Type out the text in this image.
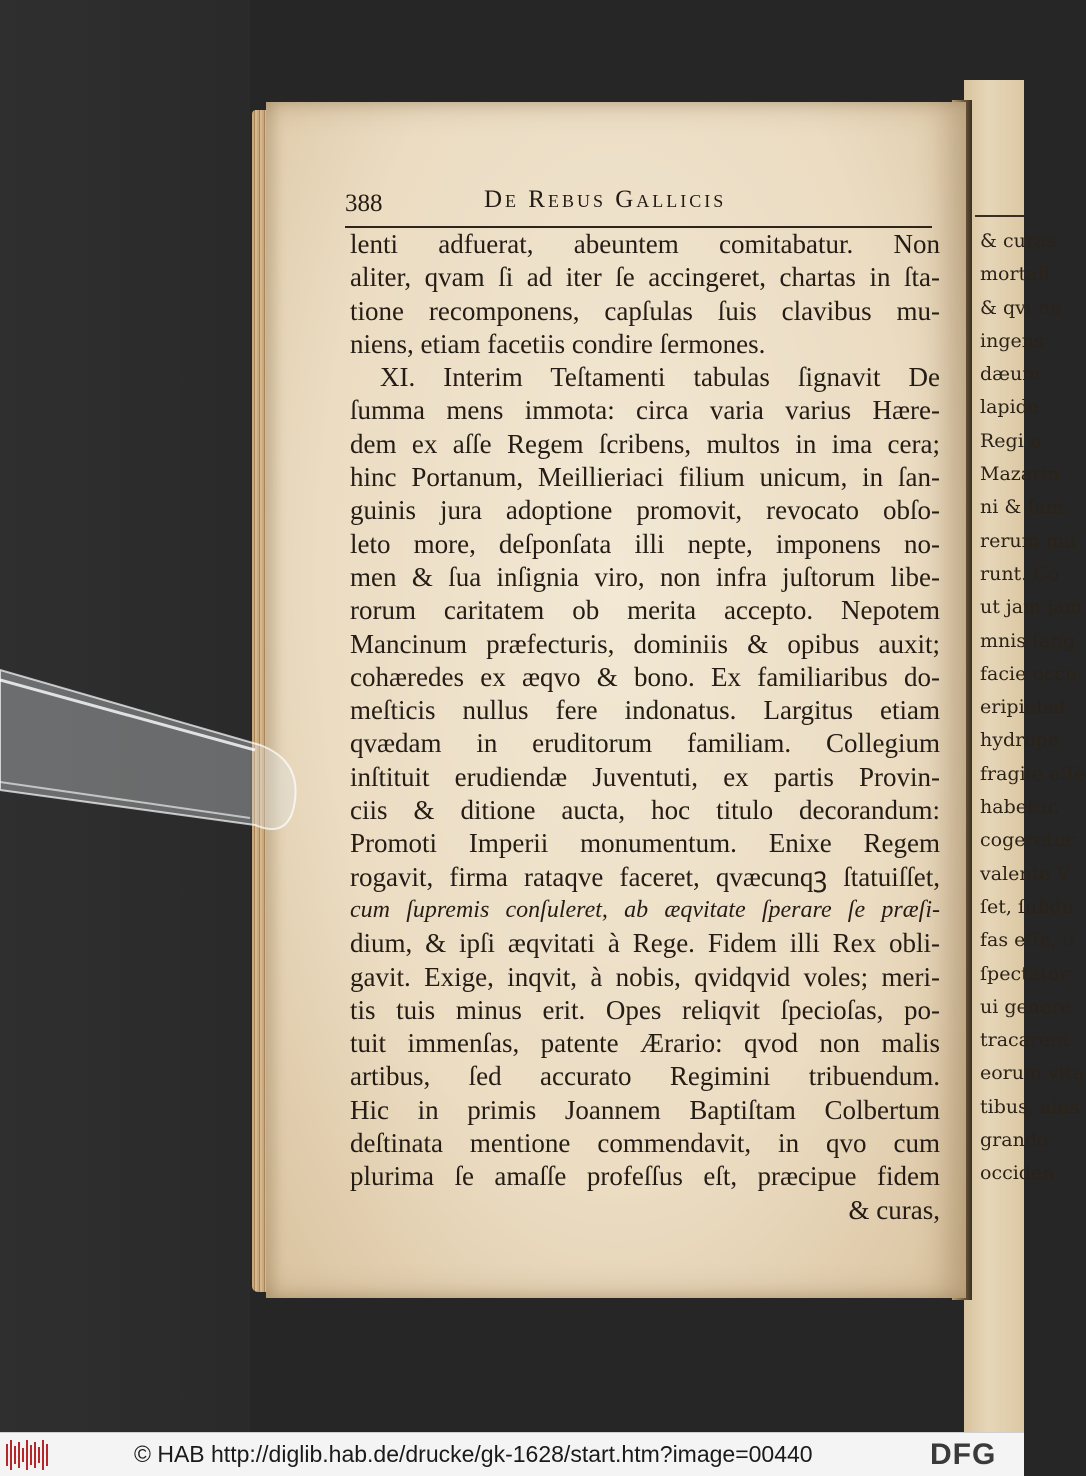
& curas
mortali
& qvi ne
ingens
dæum
lapide
Regi o
Mazarin
ni & fam
rerum mu
runt. Co
ut jam jam
mnis ſang
facie occu
eripiebat
hydrope
fragile eſſe
habetur.
cogeretur
valente V
ſet, ſubdu
fas eſſe, u
ſpectator
ui genere
tracarent
eorum vita
tibus, aliis
grando
occiden
388	De Rebus Gallicis
lenti adfuerat, abeuntem comitabatur. Non
aliter, qvam ſi ad iter ſe accingeret, chartas in ſta-
tione recomponens, capſulas ſuis clavibus mu-
niens, etiam facetiis condire ſermones.
XI. Interim Teſtamenti tabulas ſignavit De
ſumma mens immota: circa varia varius Hære-
dem ex aſſe Regem ſcribens, multos in ima cera;
hinc Portanum, Meillieriaci filium unicum, in ſan-
guinis jura adoptione promovit, revocato obſo-
leto more, deſponſata illi nepte, imponens no-
men & ſua inſignia viro, non infra juſtorum libe-
rorum caritatem ob merita accepto. Nepotem
Mancinum præfecturis, dominiis & opibus auxit;
cohæredes ex æqvo & bono. Ex familiaribus do-
meſticis nullus fere indonatus. Largitus etiam
qvædam in eruditorum familiam. Collegium
inſtituit erudiendæ Juventuti, ex partis Provin-
ciis & ditione aucta, hoc titulo decorandum:
Promoti Imperii monumentum. Enixe Regem
rogavit, firma rataqve faceret, qvæcunqꝫ ſtatuiſſet,
cum ſupremis conſuleret, ab æqvitate ſperare ſe præſi-
dium, & ipſi æqvitati à Rege. Fidem illi Rex obli-
gavit. Exige, inqvit, à nobis, qvidqvid voles; meri-
tis tuis minus erit. Opes reliqvit ſpecioſas, po-
tuit immenſas, patente Ærario: qvod non malis
artibus, ſed accurato Regimini tribuendum.
Hic in primis Joannem Baptiſtam Colbertum
deſtinata mentione commendavit, in qvo cum
plurima ſe amaſſe profeſſus eſt, præcipue fidem
& curas,
© HAB http://diglib.hab.de/drucke/gk-1628/start.htm?image=00440	DFG
